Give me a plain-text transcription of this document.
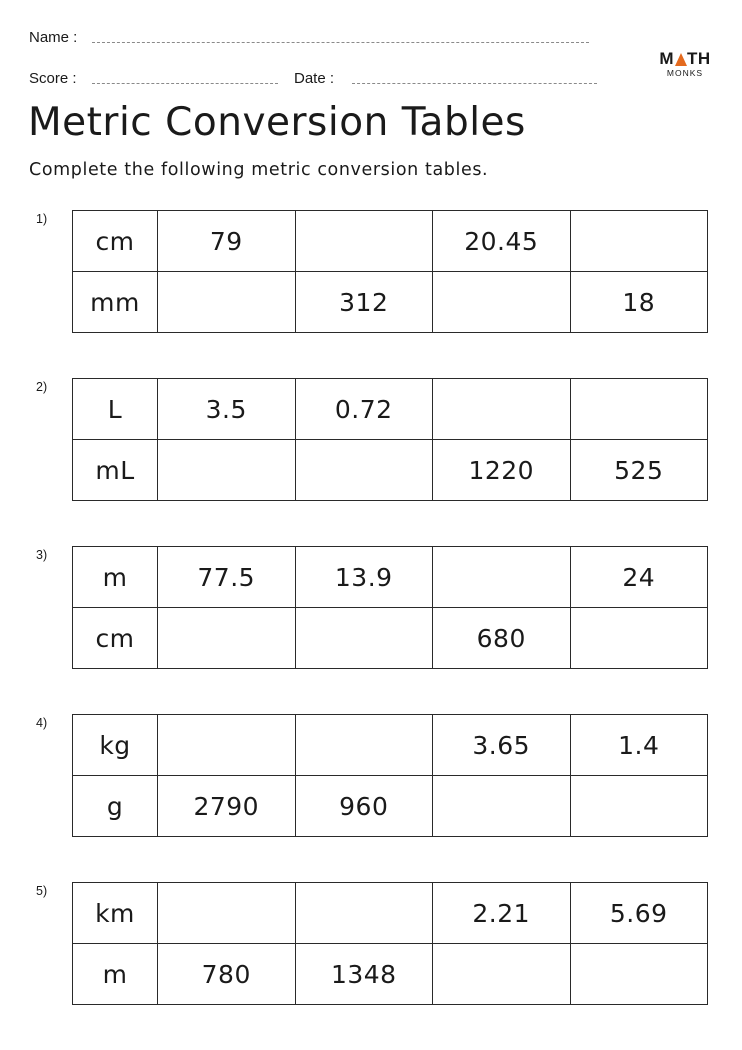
Name :
Score :	Date :
M TH
MONKS
Metric Conversion Tables

Complete the following metric conversion tables.

1)
cm	79		20.45	
mm		312		18
2)
L	3.5	0.72		
mL			1220	525
3)
m	77.5	13.9		24
cm			680	
4)
kg			3.65	1.4
g	2790	960		
5)
km			2.21	5.69
m	780	1348		
